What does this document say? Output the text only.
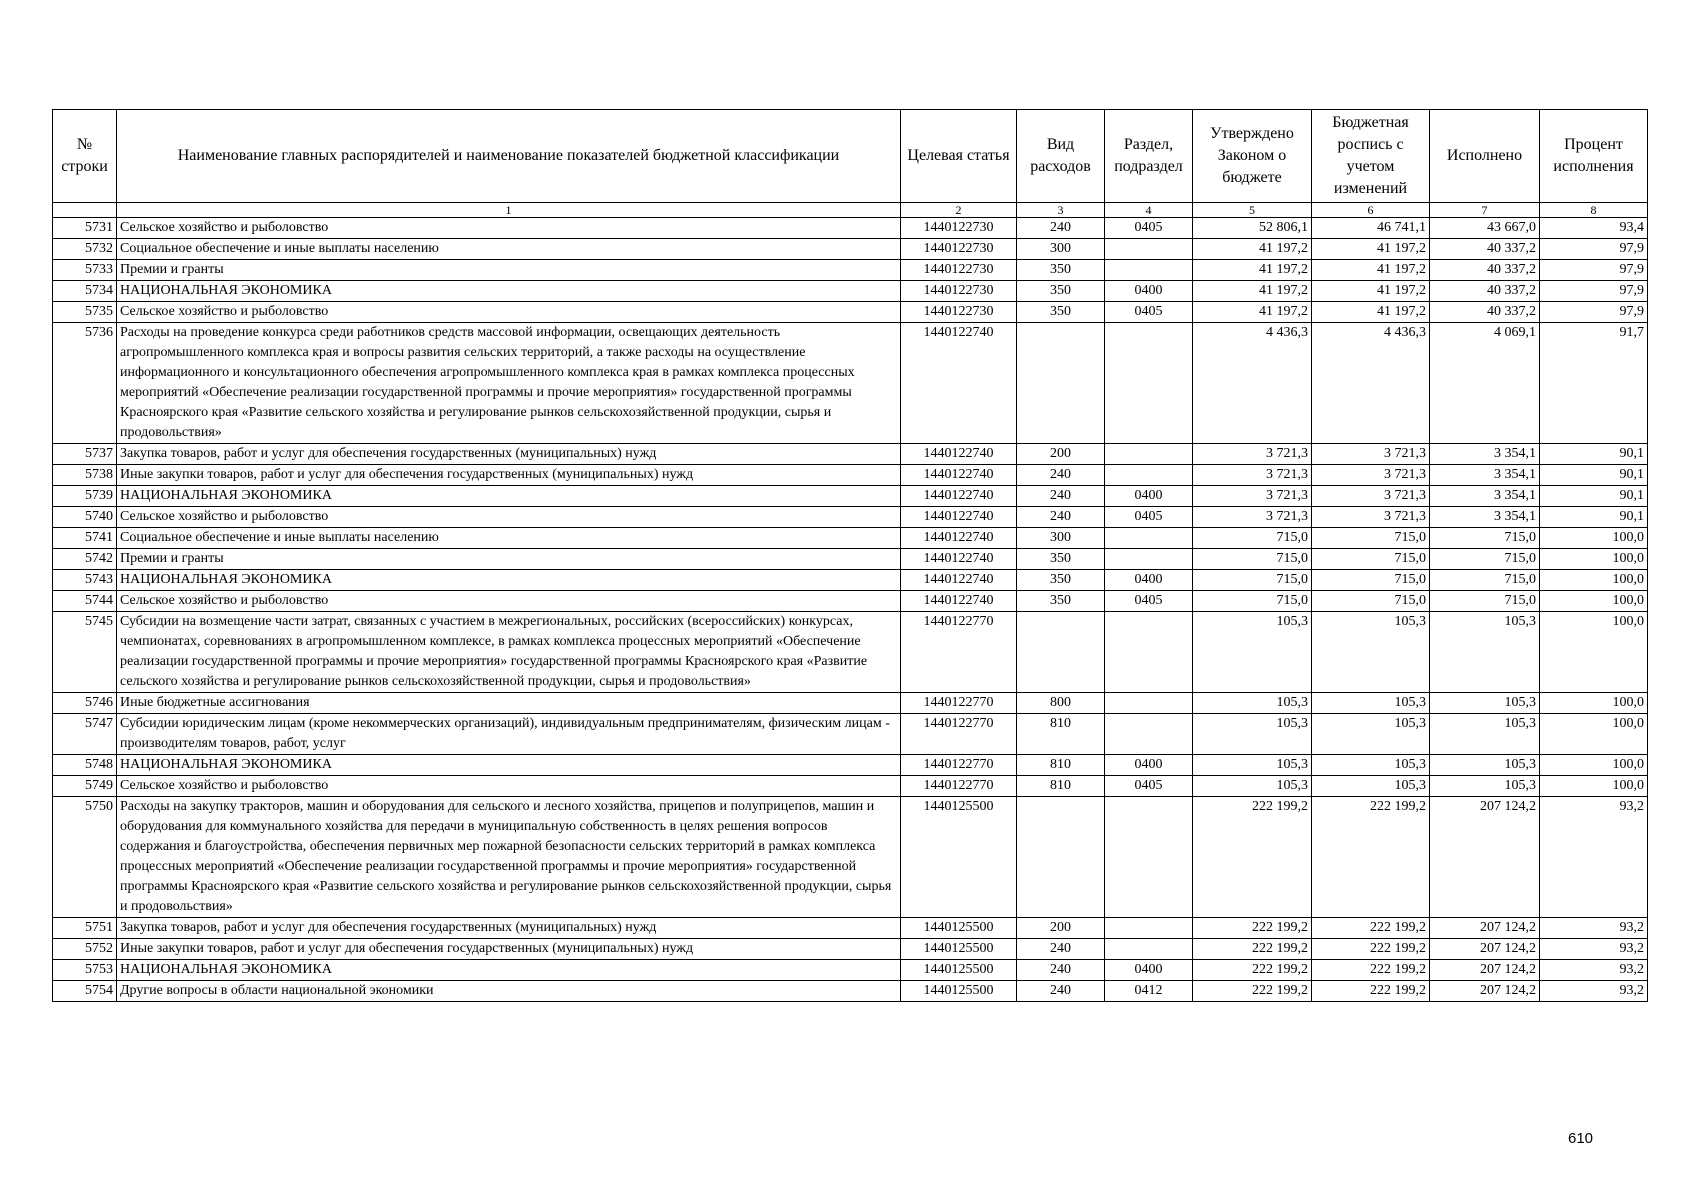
№ строки	Наименование главных распорядителей и наименование показателей бюджетной классификации	Целевая статья	Вид расходов	Раздел, подраздел	Утверждено Законом о бюджете	Бюджетная роспись с учетом изменений	Исполнено	Процент исполнения
	1	2	3	4	5	6	7	8
5731	Сельское хозяйство и рыболовство	1440122730	240	0405	52 806,1	46 741,1	43 667,0	93,4
5732	Социальное обеспечение и иные выплаты населению	1440122730	300		41 197,2	41 197,2	40 337,2	97,9
5733	Премии и гранты	1440122730	350		41 197,2	41 197,2	40 337,2	97,9
5734	НАЦИОНАЛЬНАЯ ЭКОНОМИКА	1440122730	350	0400	41 197,2	41 197,2	40 337,2	97,9
5735	Сельское хозяйство и рыболовство	1440122730	350	0405	41 197,2	41 197,2	40 337,2	97,9
5736	Расходы на проведение конкурса среди работников средств массовой информации, освещающих деятельность агропромышленного комплекса края и вопросы развития сельских территорий, а также расходы на осуществление информационного и консультационного обеспечения агропромышленного комплекса края в рамках комплекса процессных мероприятий «Обеспечение реализации государственной программы и прочие мероприятия» государственной программы Красноярского края «Развитие сельского хозяйства и регулирование рынков сельскохозяйственной продукции, сырья и продовольствия»	1440122740			4 436,3	4 436,3	4 069,1	91,7
5737	Закупка товаров, работ и услуг для обеспечения государственных (муниципальных) нужд	1440122740	200		3 721,3	3 721,3	3 354,1	90,1
5738	Иные закупки товаров, работ и услуг для обеспечения государственных (муниципальных) нужд	1440122740	240		3 721,3	3 721,3	3 354,1	90,1
5739	НАЦИОНАЛЬНАЯ ЭКОНОМИКА	1440122740	240	0400	3 721,3	3 721,3	3 354,1	90,1
5740	Сельское хозяйство и рыболовство	1440122740	240	0405	3 721,3	3 721,3	3 354,1	90,1
5741	Социальное обеспечение и иные выплаты населению	1440122740	300		715,0	715,0	715,0	100,0
5742	Премии и гранты	1440122740	350		715,0	715,0	715,0	100,0
5743	НАЦИОНАЛЬНАЯ ЭКОНОМИКА	1440122740	350	0400	715,0	715,0	715,0	100,0
5744	Сельское хозяйство и рыболовство	1440122740	350	0405	715,0	715,0	715,0	100,0
5745	Субсидии на возмещение части затрат, связанных с участием в межрегиональных, российских (всероссийских) конкурсах, чемпионатах, соревнованиях в агропромышленном комплексе, в рамках комплекса процессных мероприятий «Обеспечение реализации государственной программы и прочие мероприятия» государственной программы Красноярского края «Развитие сельского хозяйства и регулирование рынков сельскохозяйственной продукции, сырья и продовольствия»	1440122770			105,3	105,3	105,3	100,0
5746	Иные бюджетные ассигнования	1440122770	800		105,3	105,3	105,3	100,0
5747	Субсидии юридическим лицам (кроме некоммерческих организаций), индивидуальным предпринимателям, физическим лицам - производителям товаров, работ, услуг	1440122770	810		105,3	105,3	105,3	100,0
5748	НАЦИОНАЛЬНАЯ ЭКОНОМИКА	1440122770	810	0400	105,3	105,3	105,3	100,0
5749	Сельское хозяйство и рыболовство	1440122770	810	0405	105,3	105,3	105,3	100,0
5750	Расходы на закупку тракторов, машин и оборудования для сельского и лесного хозяйства, прицепов и полуприцепов, машин и оборудования для коммунального хозяйства для передачи в муниципальную собственность в целях решения вопросов содержания и благоустройства, обеспечения первичных мер пожарной безопасности сельских территорий в рамках комплекса процессных мероприятий «Обеспечение реализации государственной программы и прочие мероприятия» государственной программы Красноярского края «Развитие сельского хозяйства и регулирование рынков сельскохозяйственной продукции, сырья и продовольствия»	1440125500			222 199,2	222 199,2	207 124,2	93,2
5751	Закупка товаров, работ и услуг для обеспечения государственных (муниципальных) нужд	1440125500	200		222 199,2	222 199,2	207 124,2	93,2
5752	Иные закупки товаров, работ и услуг для обеспечения государственных (муниципальных) нужд	1440125500	240		222 199,2	222 199,2	207 124,2	93,2
5753	НАЦИОНАЛЬНАЯ ЭКОНОМИКА	1440125500	240	0400	222 199,2	222 199,2	207 124,2	93,2
5754	Другие вопросы в области национальной экономики	1440125500	240	0412	222 199,2	222 199,2	207 124,2	93,2
610
